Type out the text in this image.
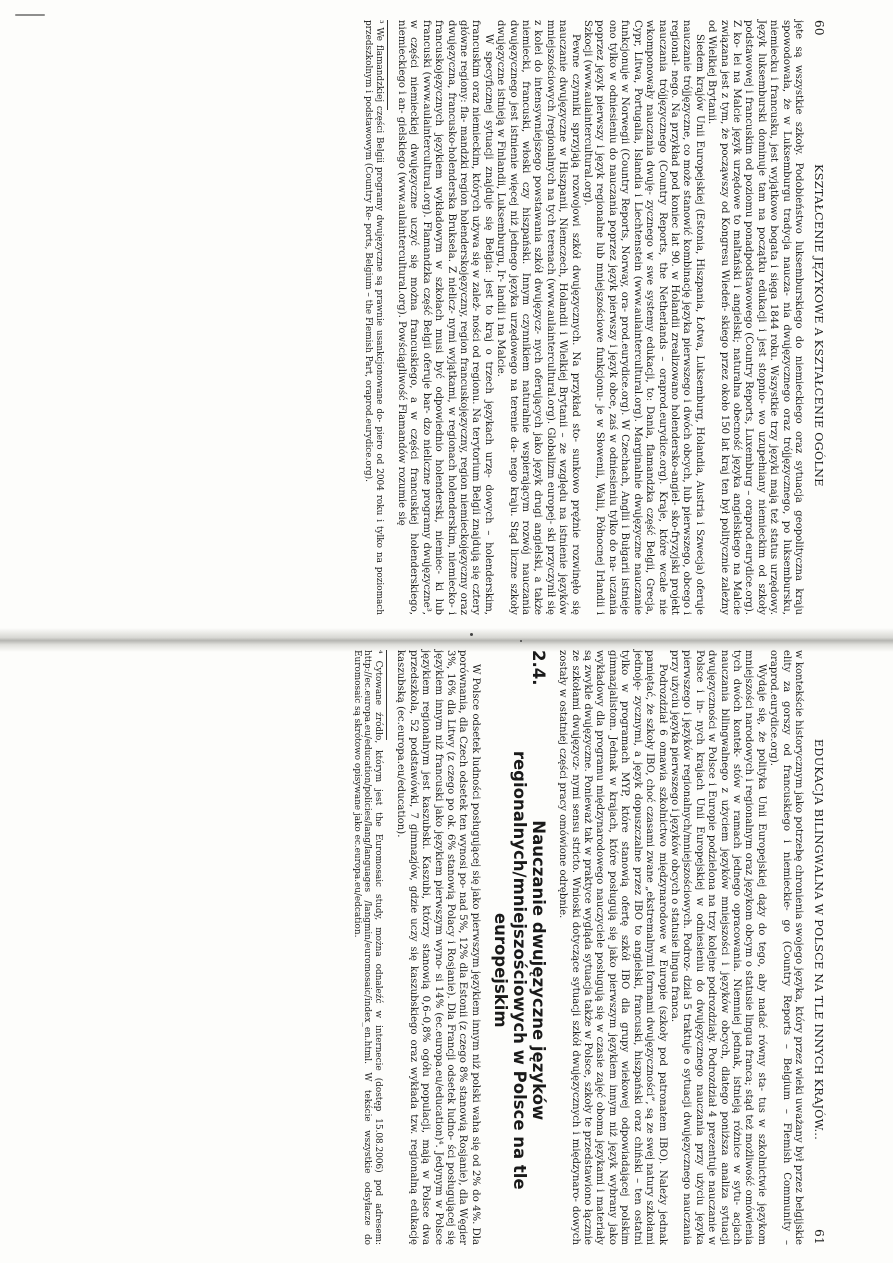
60
KSZTAŁCENIE JĘZYKOWE A KSZTAŁCENIE OGÓLNE

jęte są wszystkie szkoły. Podobieństwo luksemburskiego do niemieckiego oraz sytuacja geopolityczna kraju spowodowała, że w Luksemburgu tradycja naucza- nia dwujęzycznego oraz trójjęzycznego, po luksembursku, niemiecku i francusku, jest wyjątkowo bogata i sięga 1844 roku. Wszystkie trzy języki mają też status urzędowy. Język luksemburski dominuje tam na początku edukacji i jest stopnio- wo uzupełniany niemieckim od szkoły podstawowej i francuskim od poziomu ponadpodstawowego (Country Reports, Luxemburg – oraprod.eurydice.org). Z ko- lei na Malcie język urzędowe to maltański i angielski; naturalna obecność języka angielskiego na Malcie związana jest z tym, że począwszy od Kongresu Wiedeń- skiego przez około 150 lat kraj ten był politycznie zależny od Wielkiej Brytanii.

Siedem krajów Unii Europejskiej (Estonia, Hiszpania, Łotwa, Luksemburg, Holandia, Austria i Szwecja) oferuje nauczanie trójjęzyczne, co może stanowić kombinację języka pierwszego i dwóch obcych, lub pierwszego, obcego i regional- nego. Na przykład pod koniec lat 90. w Holandii zrealizowano holendersko-angiel- sko-fryzyjski projekt nauczania trójjęzycznego (Country Reports, the Netherlands – oraprod.eurydice.org). Kraje, które wcale nie wkomponowały nauczania dwuję- zycznego w swe systemy edukacji, to: Dania, flamandzka część Belgii, Grecja, Cypr, Litwa, Portugalia, Islandia i Liechtenstein (www.aulaintercultural.org). Marginalnie dwujęzyczne nauczanie funkcjonuje w Norwegii (Country Reports, Norway, ora- prod.eurydice.org). W Czechach, Anglii i Bułgarii istnieje ono tylko w odniesieniu do nauczania poprzez język pierwszy i język obce, zaś w odniesieniu tylko do na- uczania poprzez język pierwszy i język regionalne lub mniejszościowe funkcjonu- je w Słowenii, Walii, Północnej Irlandii i Szkocji (www.aulaintercultural.org).

Pewne czynniki sprzyjają rozwojowi szkół dwujęzycznych. Na przykład sto- sunkowo prężnie rozwinęło się nauczanie dwujęzyczne w Hiszpanii, Niemczech, Holandii i Wielkiej Brytanii – ze względu na istnienie języków mniejszościowych /regionalnych na tych terenach (www.aulaintercultural.org). Globalizm europej- ski przyczynił się z kolei do intensywniejszego powstawania szkół dwujęzycz- nych oferujących jako język drugi angielski, a także niemiecki, francuski, włoski czy hiszpański. Innym czynnikiem naturalnie wspierającym rozwój nauczania dwujęzycznego jest istnienie więcej niż jednego języka urzędowego na terenie da- nego kraju. Stąd liczne szkoły dwujęzyczne istnieją w Finlandii, Luksemburgu, Ir- landii i na Malcie.

W specyficznej sytuacji znajduje się Belgia: jest to kraj o trzech językach urzę- dowych – holenderskim, francuskim oraz niemieckim, których używa się w zależ- ności od regionu. Na terytorium Belgii znajdują się cztery główne regiony: fla- mandzki region holenderskojęzyczny, region francuskojęzyczny, region niemieckojęzyczny oraz dwujęzyczna, francusko-holenderska Bruksela. Z nielicz- nymi wyjątkami, w regionach holenderskim, niemiecko- i francuskojęzycznych językiem wykładowym w szkołach musi być odpowiednio holenderski, niemiec- ki lub francuski (www.aulaintercultural.org). Flamandzka część Belgii oferuje bar- dzo nieliczne programy dwujęzyczne³, w części niemieckiej dwujęzyczne uczyć się można francuskiego, a w części francuskiej holenderskiego, niemieckiego i an- gielskiego (www.aulaintercultural.org). Powściągliwość Flamandów rozumie się

³ We flamandzkiej części Belgii programy dwujęzyczne są prawnie usankcjonowane do- piero od 2004 roku i tylko na poziomach przedszkolnym i podstawowym (Country Re- ports, Belgium – the Flemish Part, oraprod.eurydice.org).
EDUKACJA BILINGWALNA W POLSCE NA TLE INNYCH KRAJÓW...
61

w kontekście historycznym jako potrzebę chronienia swojego języka, który przez wieki uważany był przez belgijskie elity za gorszy od francuskiego i niemieckie- go (Country Reports – Belgium – Flemish Community – oraprod.eurydice.org).

Wydaje się, że polityka Unii Europejskiej dąży do tego, aby nadać równy sta- tus w szkolnictwie językom mniejszości narodowych i regionalnym oraz językom obcym o statusie lingua franca; stąd też możliwość omówienia tych dwóch kontek- stów w ramach jednego opracowania. Niemniej jednak, istnieją różnice w sytu- acjach nauczania bilingwalnego z użyciem języków mniejszości i języków obcych, dlatego poniższa analiza sytuacji dwujęzyczności w Polsce i Europie podzielona na trzy kolejne podrozdziały. Podrozdział 4 prezentuje nauczanie w Polsce i in- nych krajach Unii Europejskiej w odniesieniu do dwujęzycznego nauczania przy użyciu języka pierwszego i języków regionalnych/mniejszościowych. Podroz- dział 5 traktuje o sytuacji dwujęzycznego nauczania przy użyciu języka pierwszego i języków obcych o statusie lingua franca.

Podrozdział 6 omawia szkolnictwo międzynarodowe w Europie (szkoły pod patronatem IBO). Należy jednak pamiętać, że szkoły IBO, choć czasami zwane „ekstremalnymi formami dwujęzyczności”, są ze swej natury szkołami jednoję- zycznymi, a język dopuszczalne przez IBO to angielski, francuski, hiszpański oraz chiński – ten ostatni tylko w programach MYP, które stanowią ofertę szkół IBO dla grupy wiekowej odpowiadającej polskim gimnazjalistom. Jednak w krajach, które posługują się jako pierwszym językiem innym niż język wybrany jako wykładowy dla programu międzynarodowego nauczyciele posługują się w czasie zajęć oboma językami i materiały są zwykle dwujęzyczne. Ponieważ tak w praktyce wygląda sytuacja także w Polsce, szkoły te przedstawiono łącznie ze szkołami dwujęzycz- nymi sensu stricto. Wnioski dotyczące sytuacji szkół dwujęzycznych i międzynaro- dowych zostały w ostatniej części pracy omówione odrębnie.

2.4.
Nauczanie dwujęzyczne języków regionalnych/mniejszościowych w Polsce na tle europejskim

W Polsce odsetek ludności posługującej się jako pierwszym językiem innym niż polski waha się od 2% do 4%. Dla porównania, dla Czech odsetek ten wynosi po- nad 5%, 12% dla Estonii (z czego 8% stanowią Rosjanie), dla Węgier 3%, 16% dla Litwy (z czego po ok. 6% stanowią Polacy i Rosjanie). Dla Francji odsetek ludno- ści posługującej się językiem innym niż francuski jako językiem pierwszym wyno- si 14% (ec.europa.eu/education)⁴. Jedynym w Polsce językiem regionalnym jest kaszubski. Kaszubi, którzy stanowią 0,6–0,8% ogółu populacji, mają w Polsce dwa przedszkola, 52 podstawówki, 7 gimnazjów, gdzie uczy się kaszubskiego oraz wykłada tzw. regionalną edukację kaszubską (ec.europa.eu/education).

⁴ Cytowane źródło, którym jest the Euromosaic study, można odnaleźć w internecie (dostęp 15.08.2006) pod adresem: http://ec.europa.eu/education/policies/lang/languages /langmin/euromosaic/index_en.html. W tekście wszystkie odsyłacze do Euromosaic są skrótowo opisywane jako ec.europa.eu/edcation.
